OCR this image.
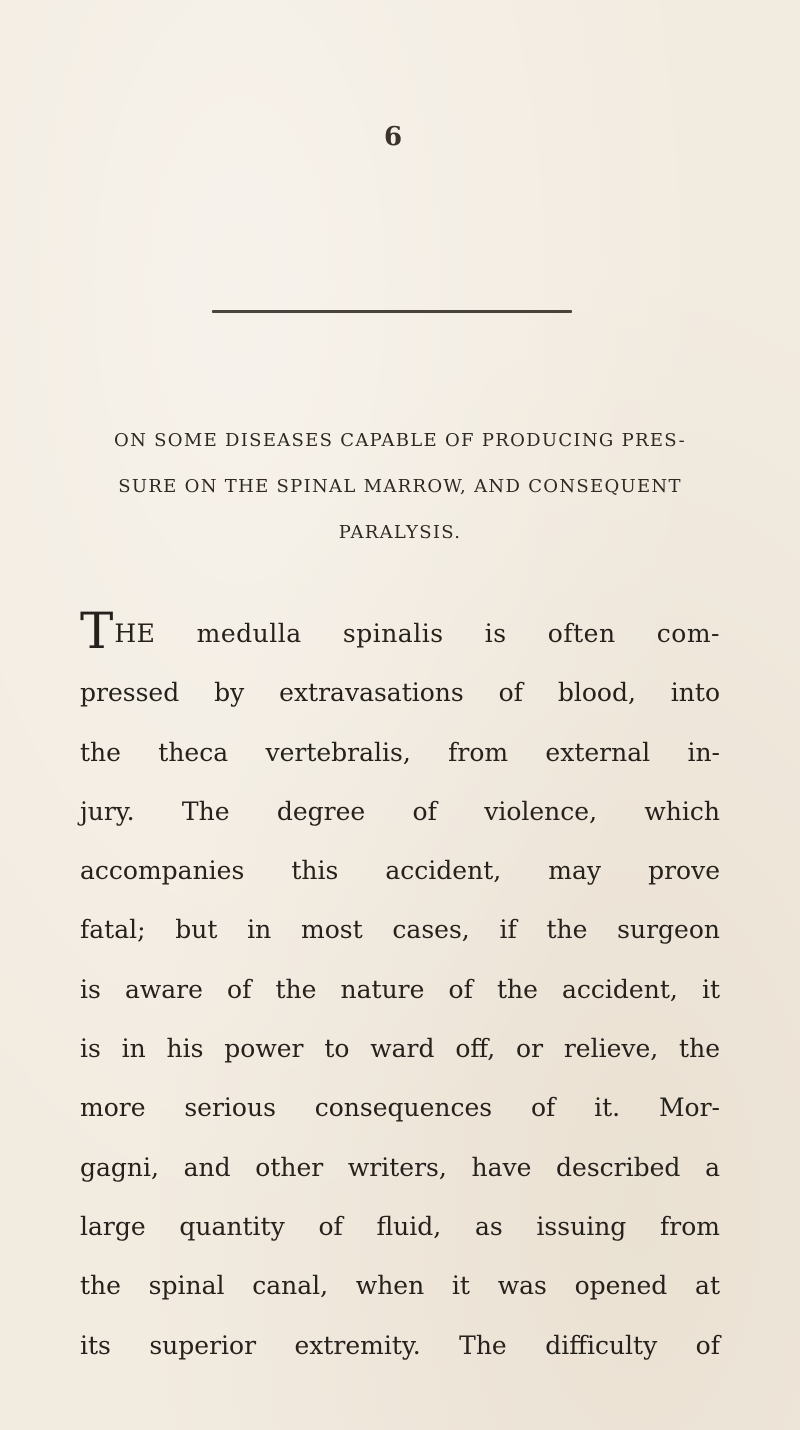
6
ON SOME DISEASES CAPABLE OF PRODUCING PRES-
SURE ON THE SPINAL MARROW, AND CONSEQUENT
PARALYSIS.
THE medulla spinalis is often com-
pressed by extravasations of blood, into
the theca vertebralis, from external in-
jury. The degree of violence, which
accompanies this accident, may prove
fatal; but in most cases, if the surgeon
is aware of the nature of the accident, it
is in his power to ward off, or relieve, the
more serious consequences of it. Mor-
gagni, and other writers, have described a
large quantity of fluid, as issuing from
the spinal canal, when it was opened at
its superior extremity. The difficulty of
